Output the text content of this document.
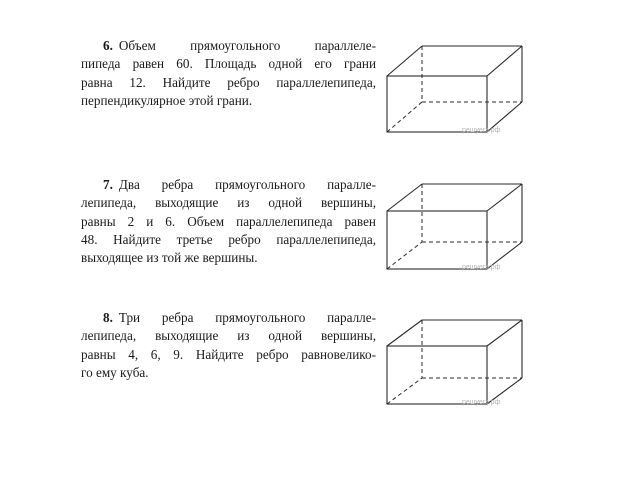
6. Объем прямоугольного параллеле-
пипеда равен 60. Площадь одной его грани
равна 12. Найдите ребро параллелепипеда,
перпендикулярное этой грани.
решуегэ.рф
7. Два ребра прямоугольного паралле-
лепипеда, выходящие из одной вершины,
равны 2 и 6. Объем параллелепипеда равен
48. Найдите третье ребро параллелепипеда,
выходящее из той же вершины.
решуегэ.рф
8. Три ребра прямоугольного паралле-
лепипеда, выходящие из одной вершины,
равны 4, 6, 9. Найдите ребро равновелико-
го ему куба.
решуегэ.рф
